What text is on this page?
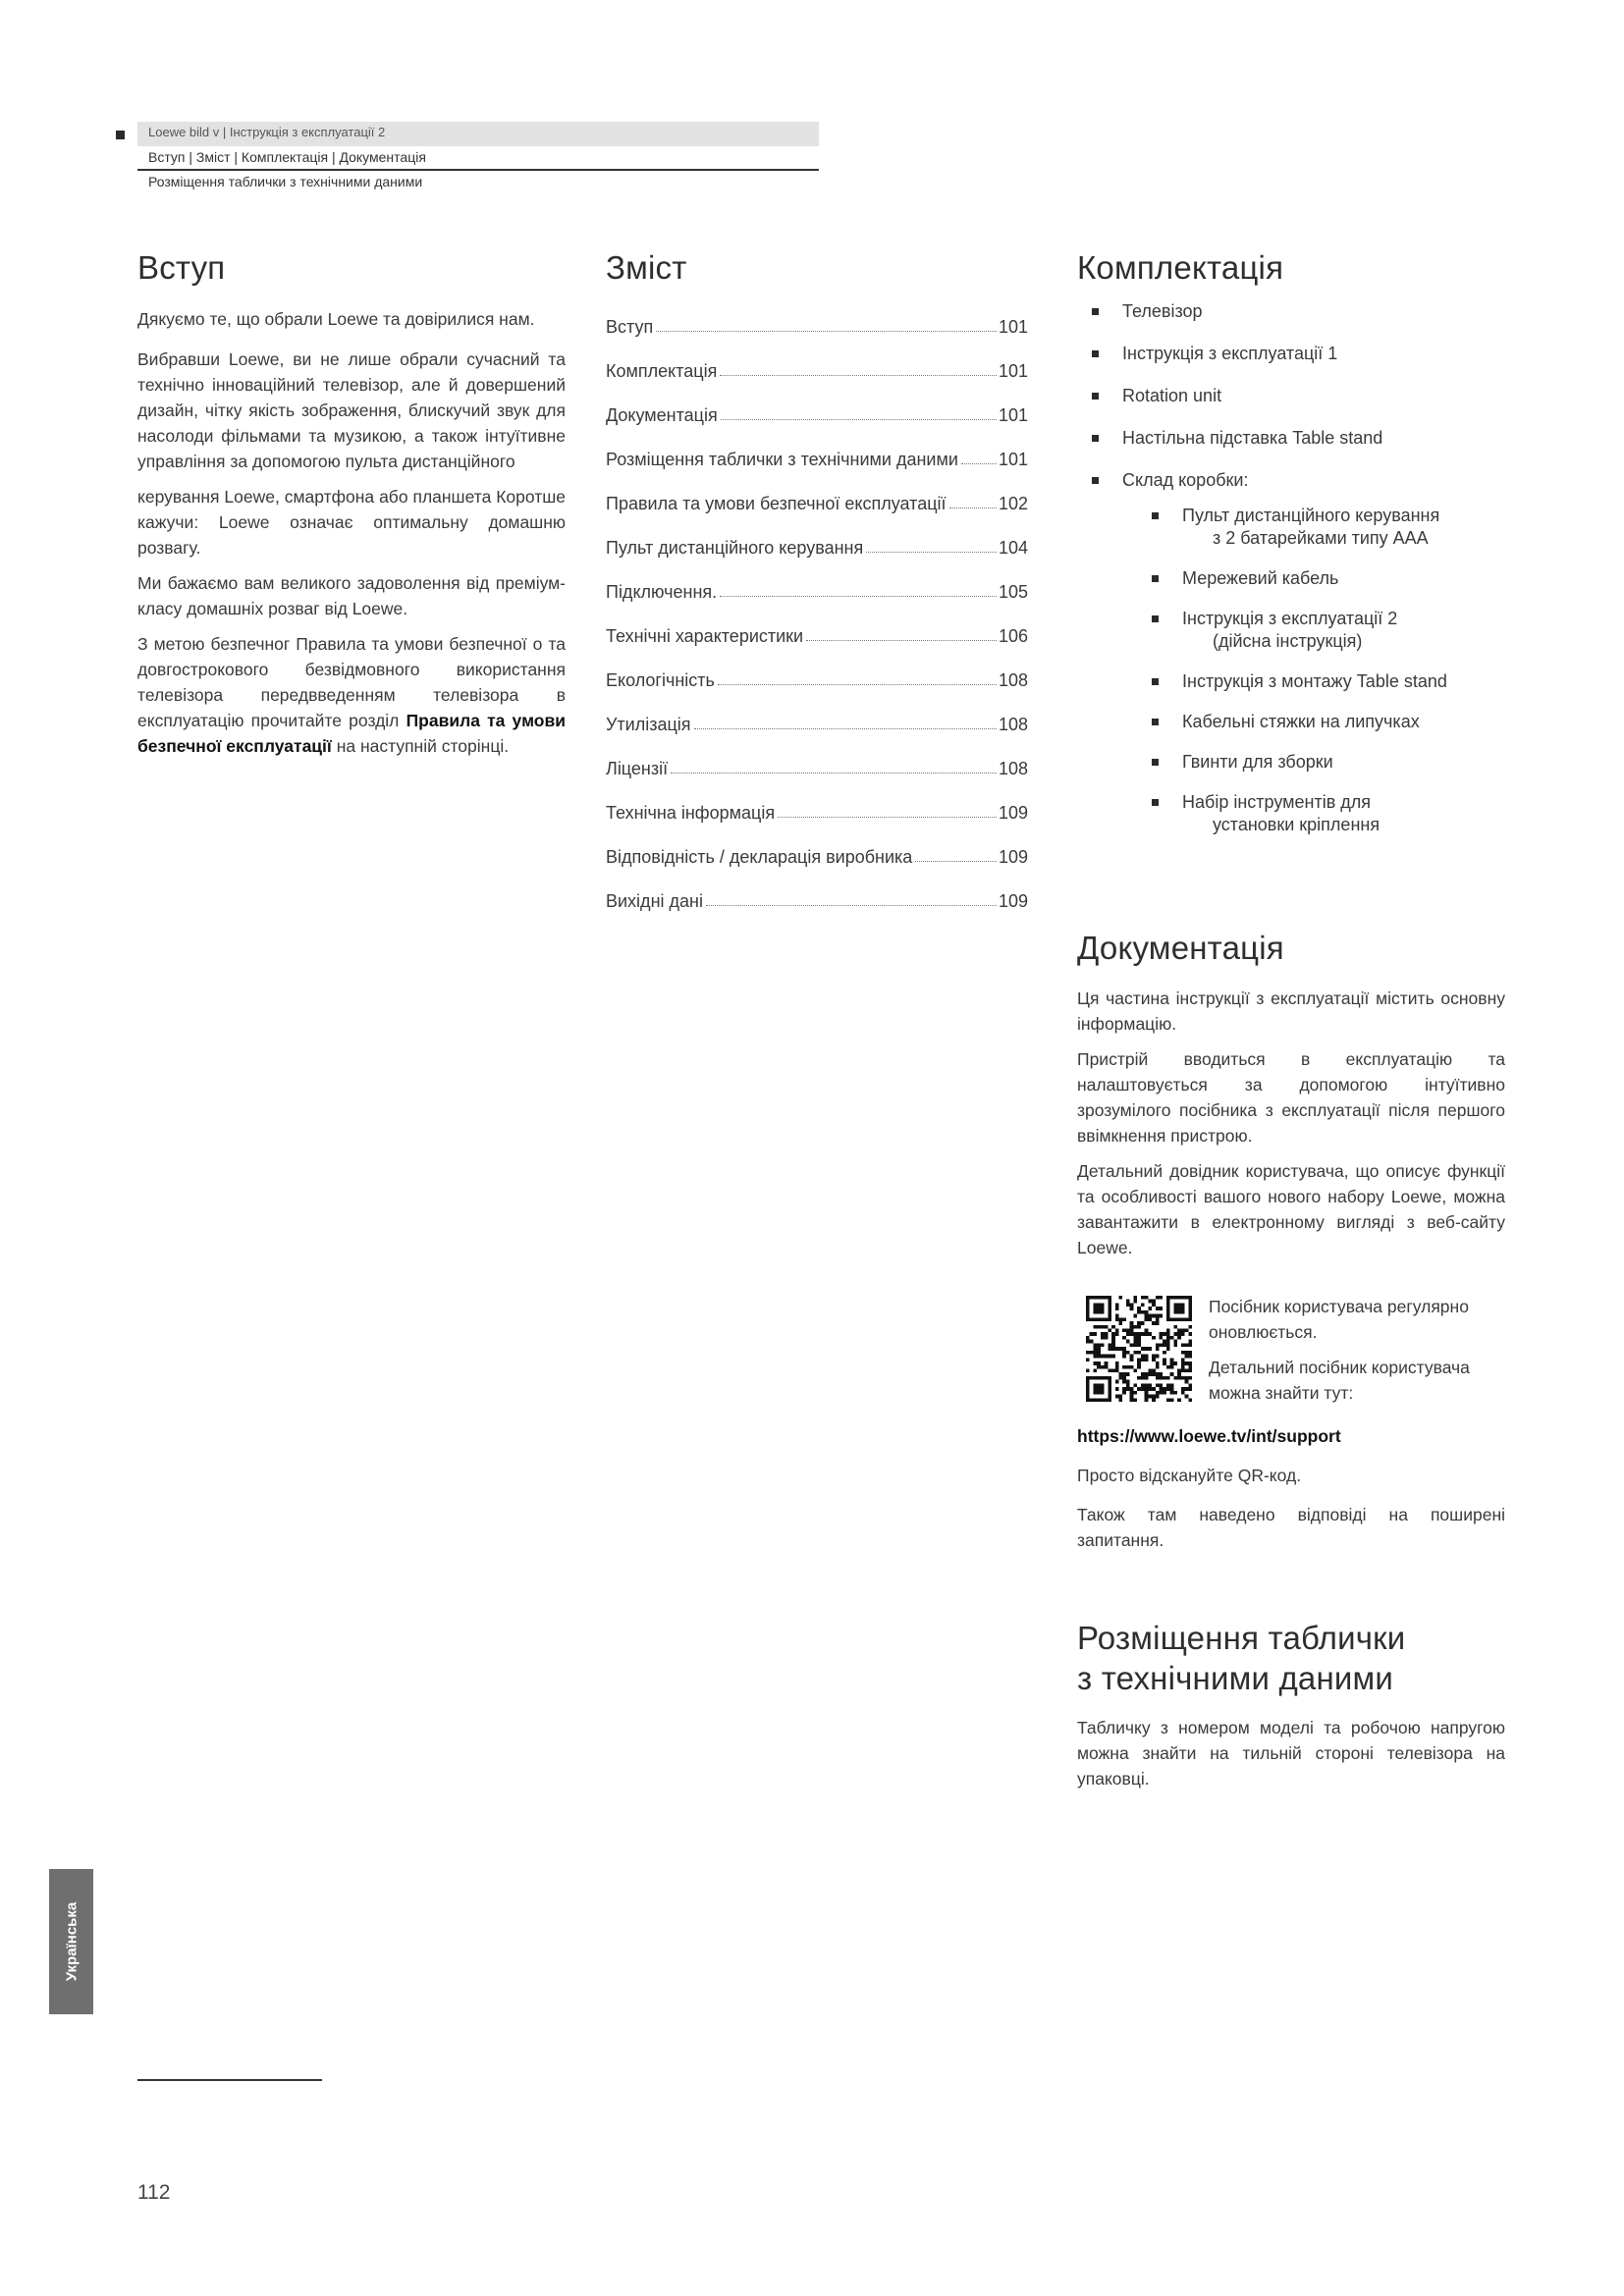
Loewe bild v | Інструкція з експлуатації 2
Вступ | Зміст | Комплектація | Документація
Розміщення таблички з технічними даними
Вступ

Дякуємо те, що обрали Loewe та довірилися нам.

Вибравши Loewe, ви не лише обрали сучасний та технічно інноваційний телевізор, але й довершений дизайн, чітку якість зображення, блискучий звук для насолоди фільмами та музикою, а також інтуїтивне управління за допомогою пульта дистанційного

керування Loewe, смартфона або планшета Коротше кажучи: Loewe означає оптимальну домашню розвагу.

Ми бажаємо вам великого задоволення від преміум-класу домашніх розваг від Loewe.

З метою безпечног Правила та умови безпечної о та довгострокового безвідмовного використання телевізора передвведенням телевізора в експлуатацію прочитайте розділ Правила та умови безпечної експлуатації на наступній сторінці.

Зміст
Вступ	101
Комплектація	101
Документація	101
Розміщення таблички з технічними даними 101
Правила та умови безпечної експлуатації	102
Пульт дистанційного керування	104
Підключення.	105
Технічні характеристики	106
Екологічність	108
Утилізація	108
Ліцензії	108
Технічна інформація	109
Відповідність / декларація виробника	109
Вихідні дані	109
Комплектація
Телевізор
Інструкція з експлуатації 1
Rotation unit
Настільна підставка Table stand
Склад коробки:
Пульт дистанційного керування
з 2 батарейками типу AAA
Мережевий кабель
Інструкція з експлуатації 2
(дійсна інструкція)
Інструкція з монтажу Table stand
Кабельні стяжки на липучках
Гвинти для зборки
Набір інструментів для
установки кріплення
Документація

Ця частина інструкції з експлуатації містить основну інформацію.

Пристрій вводиться в експлуатацію та налаштовується за допомогою інтуїтивно зрозумілого посібника з експлуатації після першого ввімкнення пристрою.

Детальний довідник користувача, що описує функції та особливості вашого нового набору Loewe, можна завантажити в електронному вигляді з веб-сайту Loewe.

Посібник користувача регулярно оновлюється.

Детальний посібник користувача можна знайти тут:

https://www.loewe.tv/int/support

Просто відскануйте QR-код.

Також там наведено відповіді на поширені запитання.

Розміщення таблички
з технічними даними

Табличку з номером моделі та робочою напругою можна знайти на тильній стороні телевізора на упаковці.

Українська
112
